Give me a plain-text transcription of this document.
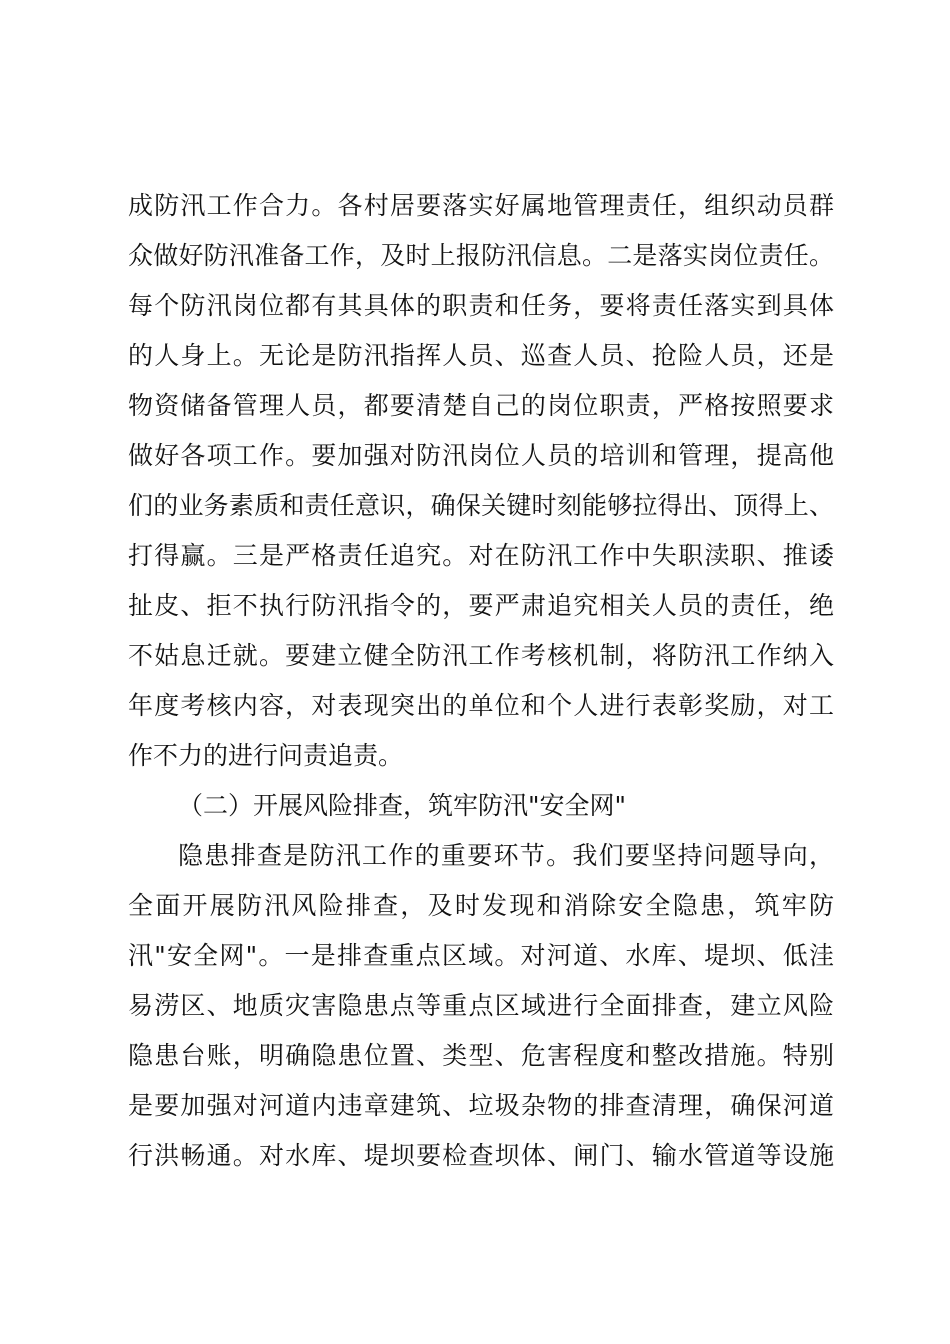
成防汛工作合力。各村居要落实好属地管理责任，组织动员群
众做好防汛准备工作，及时上报防汛信息。二是落实岗位责任。
每个防汛岗位都有其具体的职责和任务，要将责任落实到具体
的人身上。无论是防汛指挥人员、巡查人员、抢险人员，还是
物资储备管理人员，都要清楚自己的岗位职责，严格按照要求
做好各项工作。要加强对防汛岗位人员的培训和管理，提高他
们的业务素质和责任意识，确保关键时刻能够拉得出、顶得上、
打得赢。三是严格责任追究。对在防汛工作中失职渎职、推诿
扯皮、拒不执行防汛指令的，要严肃追究相关人员的责任，绝
不姑息迁就。要建立健全防汛工作考核机制，将防汛工作纳入
年度考核内容，对表现突出的单位和个人进行表彰奖励，对工
作不力的进行问责追责。
（二）开展风险排查，筑牢防汛"安全网"
隐患排查是防汛工作的重要环节。我们要坚持问题导向，
全面开展防汛风险排查，及时发现和消除安全隐患，筑牢防
汛"安全网"。一是排查重点区域。对河道、水库、堤坝、低洼
易涝区、地质灾害隐患点等重点区域进行全面排查，建立风险
隐患台账，明确隐患位置、类型、危害程度和整改措施。特别
是要加强对河道内违章建筑、垃圾杂物的排查清理，确保河道
行洪畅通。对水库、堤坝要检查坝体、闸门、输水管道等设施
